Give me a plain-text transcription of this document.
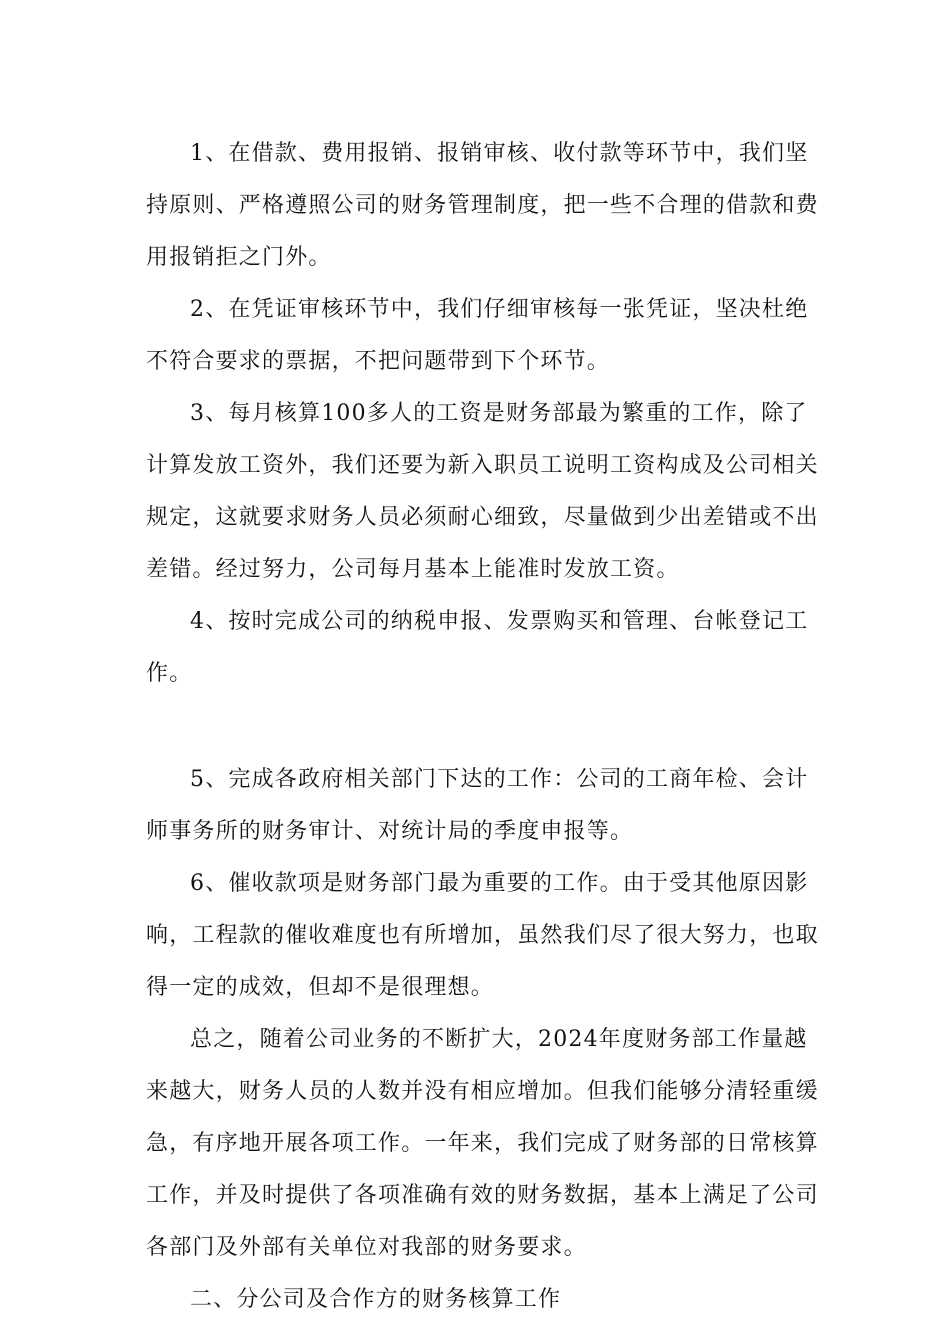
1、在借款、费用报销、报销审核、收付款等环节中，我们坚持原则、严格遵照公司的财务管理制度，把一些不合理的借款和费用报销拒之门外。

2、在凭证审核环节中，我们仔细审核每一张凭证，坚决杜绝不符合要求的票据，不把问题带到下个环节。

3、每月核算100多人的工资是财务部最为繁重的工作，除了计算发放工资外，我们还要为新入职员工说明工资构成及公司相关规定，这就要求财务人员必须耐心细致，尽量做到少出差错或不出差错。经过努力，公司每月基本上能准时发放工资。

4、按时完成公司的纳税申报、发票购买和管理、台帐登记工作。

5、完成各政府相关部门下达的工作：公司的工商年检、会计师事务所的财务审计、对统计局的季度申报等。

6、催收款项是财务部门最为重要的工作。由于受其他原因影响，工程款的催收难度也有所增加，虽然我们尽了很大努力，也取得一定的成效，但却不是很理想。

总之，随着公司业务的不断扩大，2024年度财务部工作量越来越大，财务人员的人数并没有相应增加。但我们能够分清轻重缓急，有序地开展各项工作。一年来，我们完成了财务部的日常核算工作，并及时提供了各项准确有效的财务数据，基本上满足了公司各部门及外部有关单位对我部的财务要求。

二、分公司及合作方的财务核算工作
